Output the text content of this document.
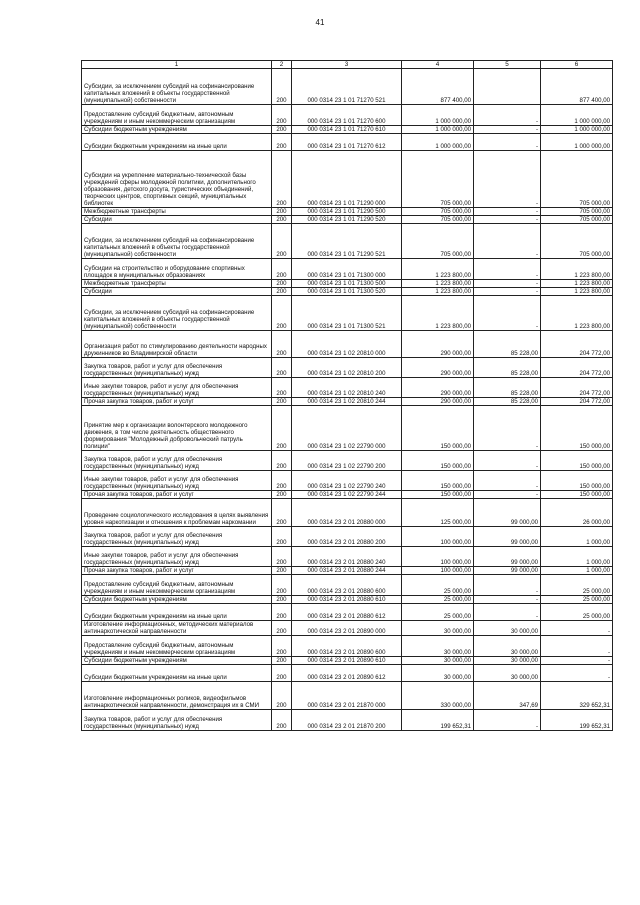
41
1	2	3	4	5	6
Субсидии, за исключением субсидий на софинансирование капитальных вложений в объекты государственной (муниципальной) собственности	200	000 0314 23 1 01 71270 521	877 400,00		877 400,00
Предоставление субсидий бюджетным, автономным учреждениям и иным некоммерческим организациям	200	000 0314 23 1 01 71270 600	1 000 000,00	-	1 000 000,00
Субсидии бюджетным учреждениям	200	000 0314 23 1 01 71270 610	1 000 000,00	-	1 000 000,00
Субсидии бюджетным учреждениям на иные цели	200	000 0314 23 1 01 71270 612	1 000 000,00	-	1 000 000,00
Субсидии на укрепление материально-технической базы учреждений сферы молодежной политики, дополнительного образования, детского досуга, туристических объединений, творческих центров, спортивных секций, муниципальных библиотек	200	000 0314 23 1 01 71290 000	705 000,00	-	705 000,00
Межбюджетные трансферты	200	000 0314 23 1 01 71290 500	705 000,00	-	705 000,00
Субсидии	200	000 0314 23 1 01 71290 520	705 000,00	-	705 000,00
Субсидии, за исключением субсидий на софинансирование капитальных вложений в объекты государственной (муниципальной) собственности	200	000 0314 23 1 01 71290 521	705 000,00	-	705 000,00
Субсидии на строительство и оборудование спортивных площадок в муниципальных образованиях	200	000 0314 23 1 01 71300 000	1 223 800,00	-	1 223 800,00
Межбюджетные трансферты	200	000 0314 23 1 01 71300 500	1 223 800,00	-	1 223 800,00
Субсидии	200	000 0314 23 1 01 71300 520	1 223 800,00	-	1 223 800,00
Субсидии, за исключением субсидий на софинансирование капитальных вложений в объекты государственной (муниципальной) собственности	200	000 0314 23 1 01 71300 521	1 223 800,00	-	1 223 800,00
Организация работ по стимулированию деятельности народных дружинников во Владимирской области	200	000 0314 23 1 02 20810 000	290 000,00	85 228,00	204 772,00
Закупка товаров, работ и услуг для обеспечения государственных (муниципальных) нужд	200	000 0314 23 1 02 20810 200	290 000,00	85 228,00	204 772,00
Иные закупки товаров, работ и услуг для обеспечения государственных (муниципальных) нужд	200	000 0314 23 1 02 20810 240	290 000,00	85 228,00	204 772,00
Прочая закупка товаров, работ и услуг	200	000 0314 23 1 02 20810 244	290 000,00	85 228,00	204 772,00
Принятие мер к организации волонтерского молодежного движения, в том числе деятельность общественного формирования "Молодежный добровольческий патруль полиции"	200	000 0314 23 1 02 22790 000	150 000,00	-	150 000,00
Закупка товаров, работ и услуг для обеспечения государственных (муниципальных) нужд	200	000 0314 23 1 02 22790 200	150 000,00	-	150 000,00
Иные закупки товаров, работ и услуг для обеспечения государственных (муниципальных) нужд	200	000 0314 23 1 02 22790 240	150 000,00	-	150 000,00
Прочая закупка товаров, работ и услуг	200	000 0314 23 1 02 22790 244	150 000,00	-	150 000,00
Проведение социологического исследования в целях выявления уровня наркотизации и отношения к проблемам наркомании	200	000 0314 23 2 01 20880 000	125 000,00	99 000,00	26 000,00
Закупка товаров, работ и услуг для обеспечения государственных (муниципальных) нужд	200	000 0314 23 2 01 20880 200	100 000,00	99 000,00	1 000,00
Иные закупки товаров, работ и услуг для обеспечения государственных (муниципальных) нужд	200	000 0314 23 2 01 20880 240	100 000,00	99 000,00	1 000,00
Прочая закупка товаров, работ и услуг	200	000 0314 23 2 01 20880 244	100 000,00	99 000,00	1 000,00
Предоставление субсидий бюджетным, автономным учреждениям и иным некоммерческим организациям	200	000 0314 23 2 01 20880 600	25 000,00	-	25 000,00
Субсидии бюджетным учреждениям	200	000 0314 23 2 01 20880 610	25 000,00	-	25 000,00
Субсидии бюджетным учреждениям на иные цели	200	000 0314 23 2 01 20880 612	25 000,00	-	25 000,00
Изготовление информационных, методических материалов антинаркотической направленности	200	000 0314 23 2 01 20890 000	30 000,00	30 000,00	-
Предоставление субсидий бюджетным, автономным учреждениям и иным некоммерческим организациям	200	000 0314 23 2 01 20890 600	30 000,00	30 000,00	-
Субсидии бюджетным учреждениям	200	000 0314 23 2 01 20890 610	30 000,00	30 000,00	-
Субсидии бюджетным учреждениям на иные цели	200	000 0314 23 2 01 20890 612	30 000,00	30 000,00	-
Изготовление информационных роликов, видеофильмов антинаркотической направленности, демонстрация их в СМИ	200	000 0314 23 2 01 21870 000	330 000,00	347,69	329 652,31
Закупка товаров, работ и услуг для обеспечения государственных (муниципальных) нужд	200	000 0314 23 2 01 21870 200	199 652,31	-	199 652,31
